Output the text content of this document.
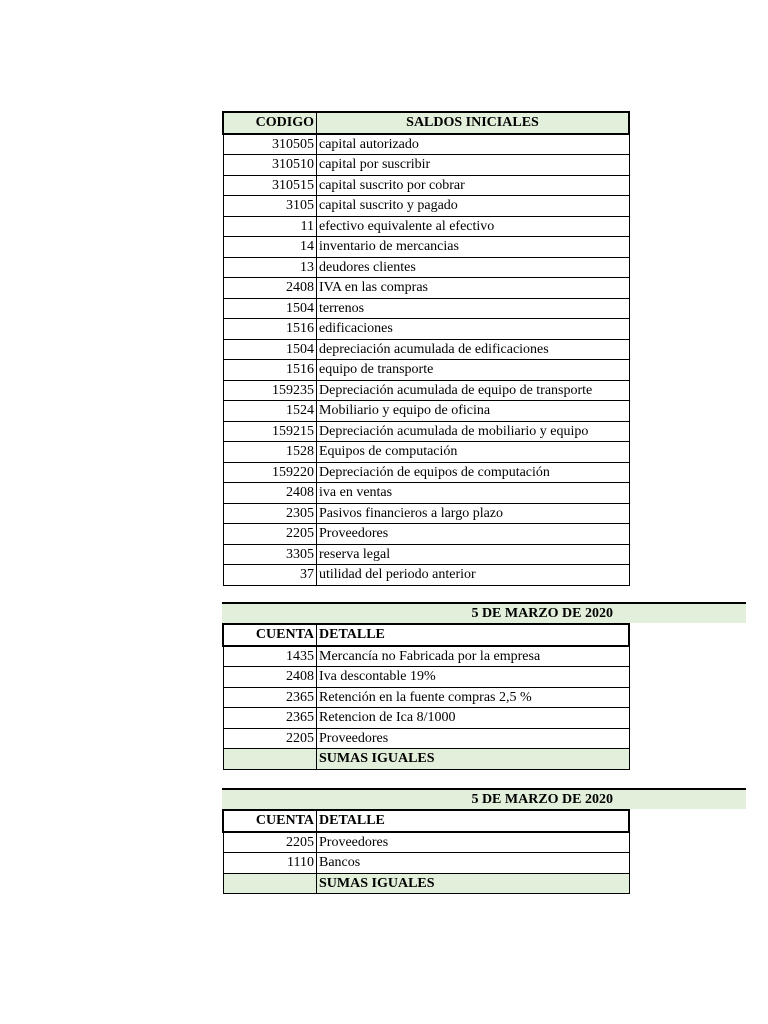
CODIGO	SALDOS INICIALES
310505	capital autorizado
310510	capital por suscribir
310515	capital suscrito por cobrar
3105	capital suscrito y pagado
11	efectivo equivalente al efectivo
14	inventario de mercancias
13	deudores clientes
2408	IVA en las compras
1504	terrenos
1516	edificaciones
1504	depreciación acumulada de edificaciones
1516	equipo de transporte
159235	Depreciación acumulada de equipo de transporte
1524	Mobiliario y equipo de oficina
159215	Depreciación acumulada de mobiliario y equipo
1528	Equipos de computación
159220	Depreciación de equipos de computación
2408	iva en ventas
2305	Pasivos financieros a largo plazo
2205	Proveedores
3305	reserva legal
37	utilidad del periodo anterior
5 DE MARZO DE 2020
CUENTA	DETALLE
1435	Mercancía no Fabricada por la empresa
2408	Iva descontable 19%
2365	Retención en la fuente compras 2,5 %
2365	Retencion de Ica 8/1000
2205	Proveedores
	SUMAS IGUALES
5 DE MARZO DE 2020
CUENTA	DETALLE
2205	Proveedores
1110	Bancos
	SUMAS IGUALES
